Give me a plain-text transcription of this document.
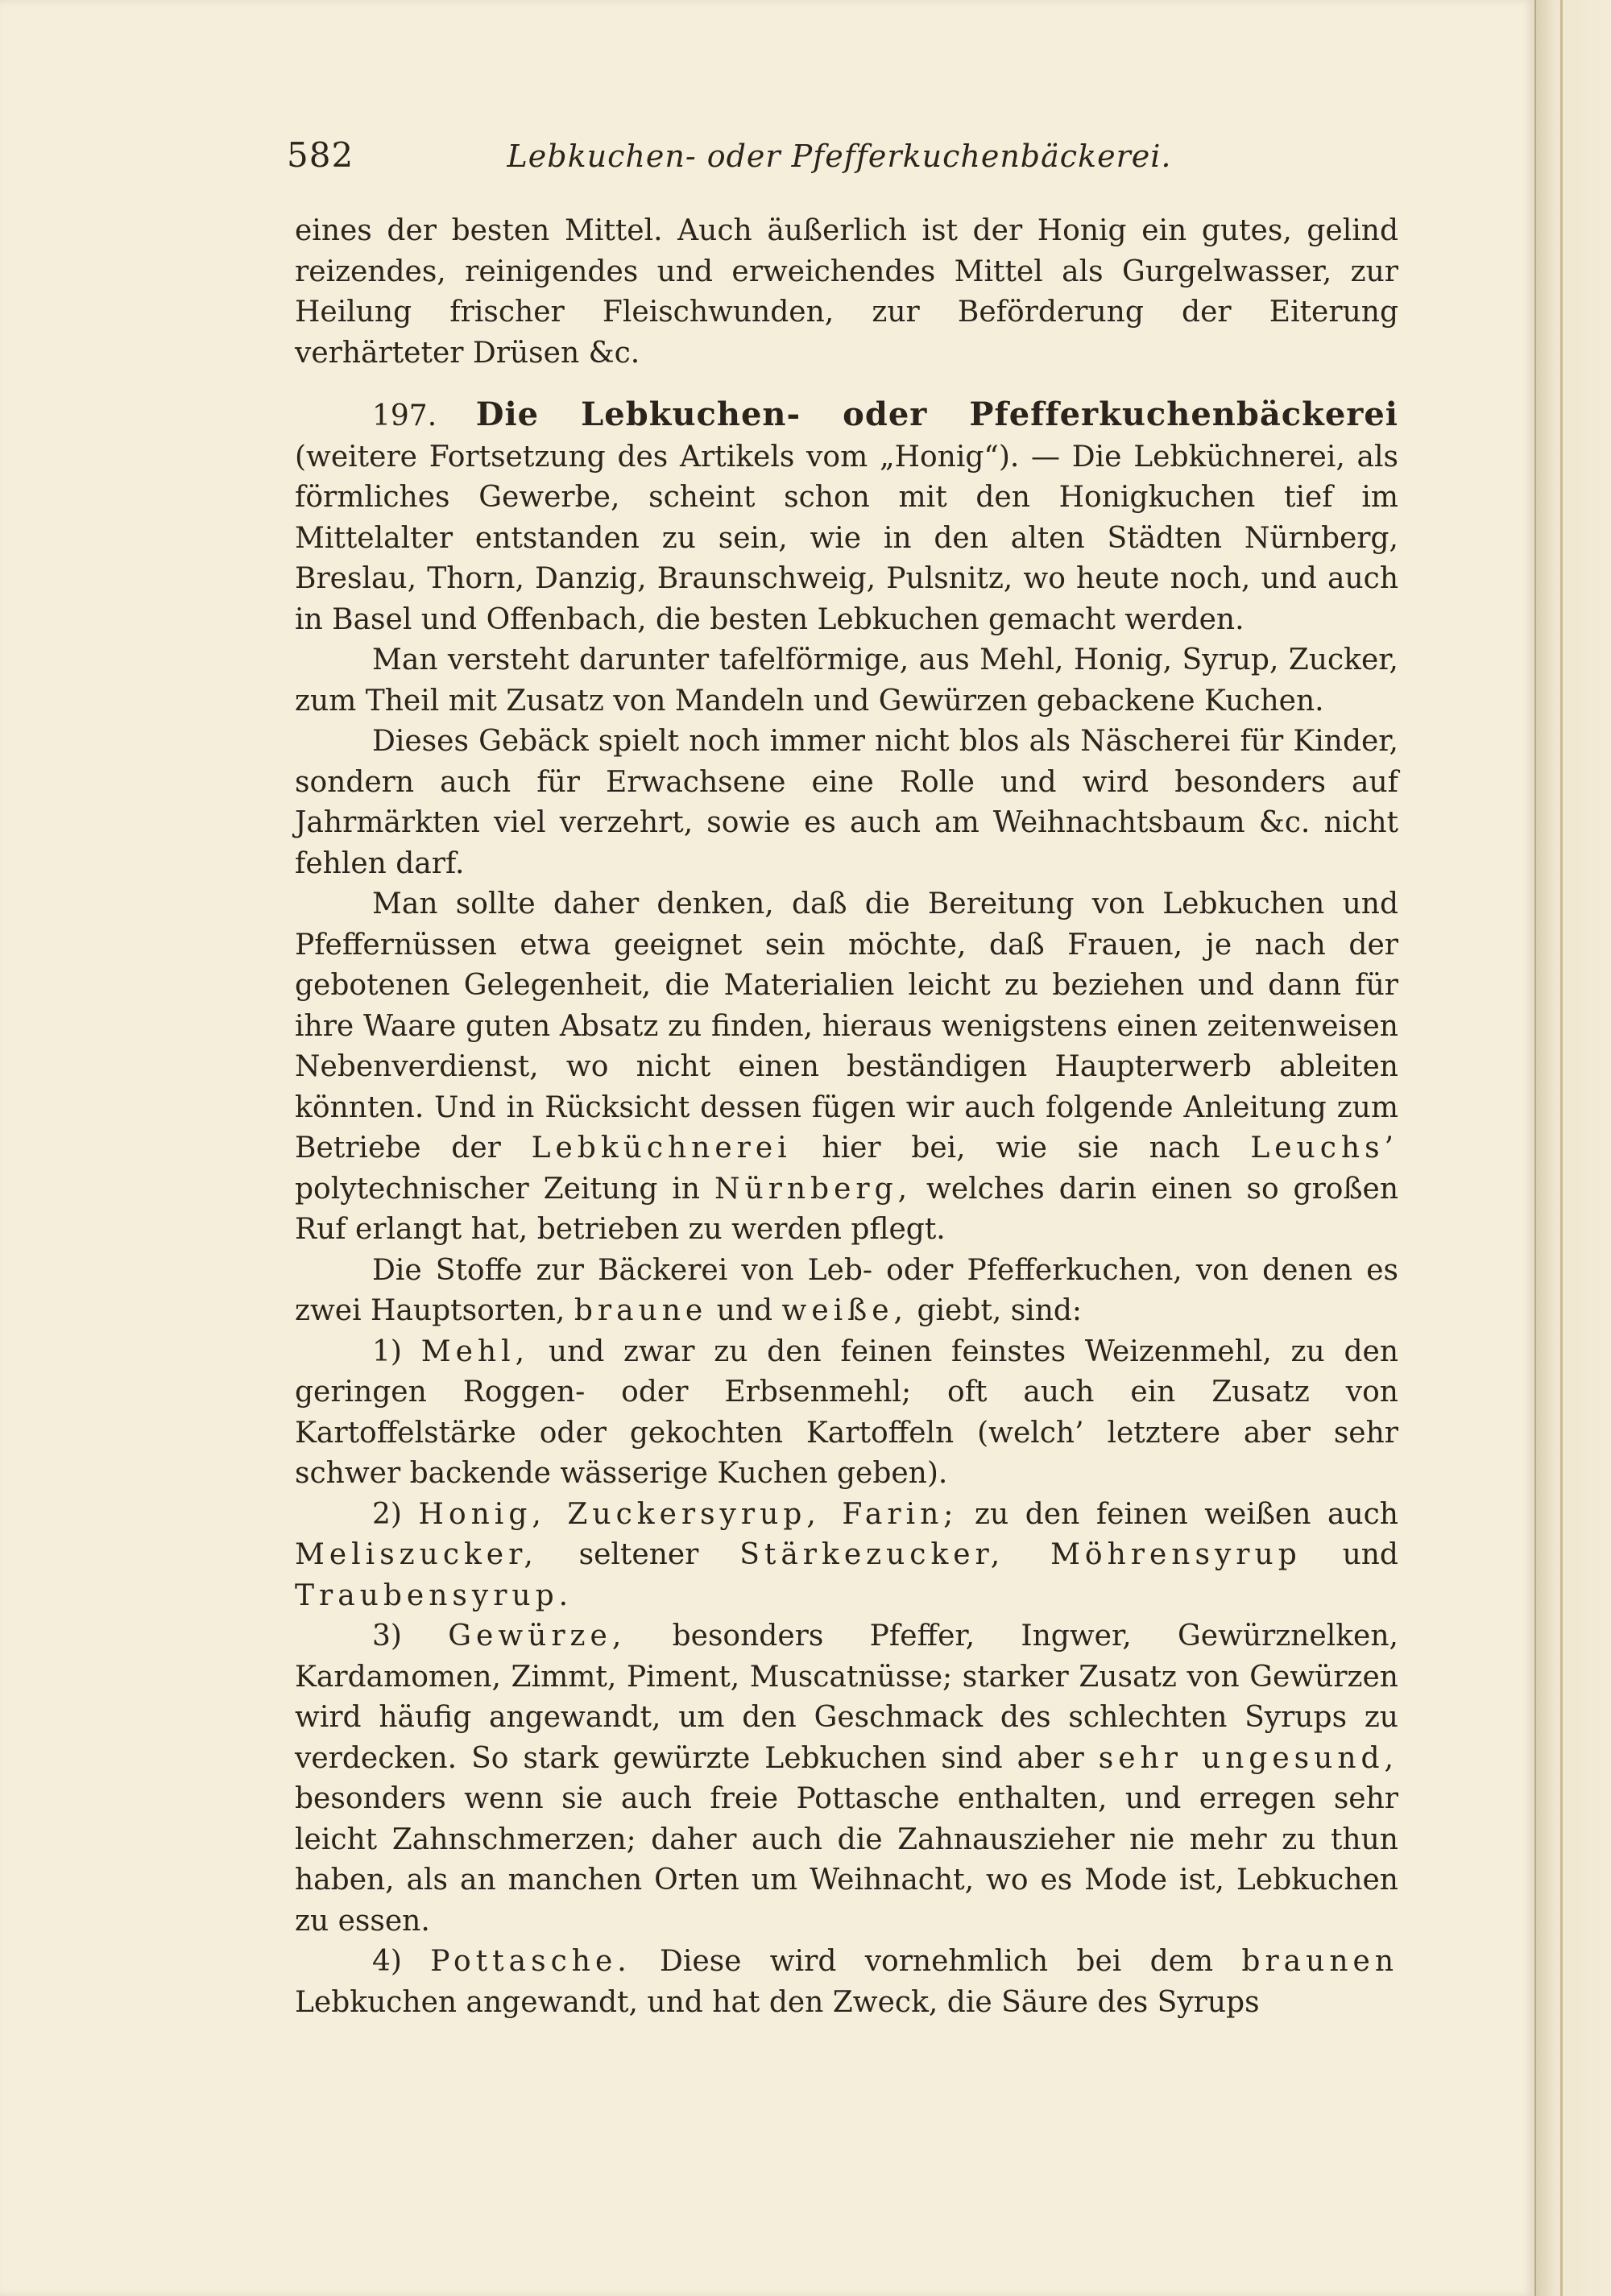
582	Lebkuchen- oder Pfefferkuchenbäckerei.

eines der besten Mittel. Auch äußerlich ist der Honig ein gutes, gelind reizendes, reinigendes und erweichendes Mittel als Gurgelwasser, zur Heilung frischer Fleischwunden, zur Beförderung der Eiterung verhärteter Drüsen &c.

197. Die Lebkuchen- oder Pfefferkuchenbäckerei (weitere Fortsetzung des Artikels vom „Honig“). — Die Lebküchnerei, als förmliches Gewerbe, scheint schon mit den Honigkuchen tief im Mittelalter entstanden zu sein, wie in den alten Städten Nürnberg, Breslau, Thorn, Danzig, Braunschweig, Pulsnitz, wo heute noch, und auch in Basel und Offenbach, die besten Lebkuchen gemacht werden.

Man versteht darunter tafelförmige, aus Mehl, Honig, Syrup, Zucker, zum Theil mit Zusatz von Mandeln und Gewürzen gebackene Kuchen.

Dieses Gebäck spielt noch immer nicht blos als Näscherei für Kinder, sondern auch für Erwachsene eine Rolle und wird besonders auf Jahrmärkten viel verzehrt, sowie es auch am Weihnachtsbaum &c. nicht fehlen darf.

Man sollte daher denken, daß die Bereitung von Lebkuchen und Pfeffernüssen etwa geeignet sein möchte, daß Frauen, je nach der gebotenen Gelegenheit, die Materialien leicht zu beziehen und dann für ihre Waare guten Absatz zu finden, hieraus wenigstens einen zeitenweisen Nebenverdienst, wo nicht einen beständigen Haupterwerb ableiten könnten. Und in Rücksicht dessen fügen wir auch folgende Anleitung zum Betriebe der Lebküchnerei hier bei, wie sie nach Leuchs’ polytechnischer Zeitung in Nürnberg, welches darin einen so großen Ruf erlangt hat, betrieben zu werden pflegt.

Die Stoffe zur Bäckerei von Leb- oder Pfefferkuchen, von denen es zwei Hauptsorten, braune und weiße, giebt, sind:

1) Mehl, und zwar zu den feinen feinstes Weizenmehl, zu den geringen Roggen- oder Erbsenmehl; oft auch ein Zusatz von Kartoffelstärke oder gekochten Kartoffeln (welch’ letztere aber sehr schwer backende wässerige Kuchen geben).

2) Honig, Zuckersyrup, Farin; zu den feinen weißen auch Meliszucker, seltener Stärkezucker, Möhrensyrup und Traubensyrup.

3) Gewürze, besonders Pfeffer, Ingwer, Gewürznelken, Kardamomen, Zimmt, Piment, Muscatnüsse; starker Zusatz von Gewürzen wird häufig angewandt, um den Geschmack des schlechten Syrups zu verdecken. So stark gewürzte Lebkuchen sind aber sehr ungesund, besonders wenn sie auch freie Pottasche enthalten, und erregen sehr leicht Zahnschmerzen; daher auch die Zahnauszieher nie mehr zu thun haben, als an manchen Orten um Weihnacht, wo es Mode ist, Lebkuchen zu essen.

4) Pottasche. Diese wird vornehmlich bei dem braunen Lebkuchen angewandt, und hat den Zweck, die Säure des Syrups
